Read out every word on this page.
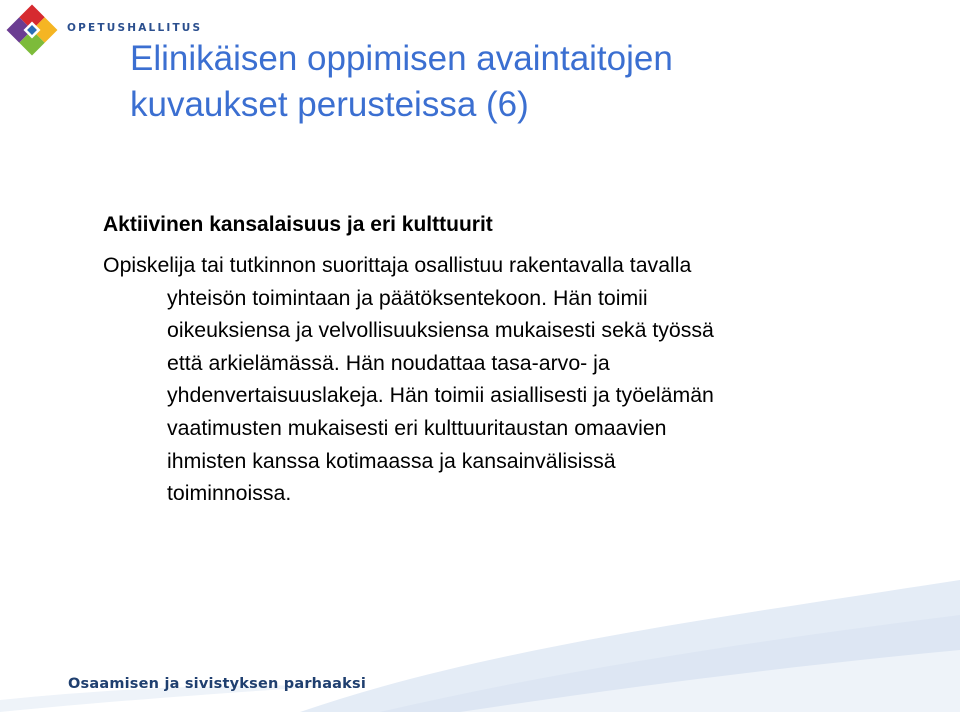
OPETUSHALLITUS
Elinikäisen oppimisen avaintaitojen
kuvaukset perusteissa (6)
Aktiivinen kansalaisuus ja eri kulttuurit

Opiskelija tai tutkinnon suorittaja osallistuu rakentavalla tavalla
yhteisön toimintaan ja päätöksentekoon. Hän toimii
oikeuksiensa ja velvollisuuksiensa mukaisesti sekä työssä
että arkielämässä. Hän noudattaa tasa-arvo- ja
yhdenvertaisuuslakeja. Hän toimii asiallisesti ja työelämän
vaatimusten mukaisesti eri kulttuuritaustan omaavien
ihmisten kanssa kotimaassa ja kansainvälisissä
toiminnoissa.

Osaamisen ja sivistyksen parhaaksi
